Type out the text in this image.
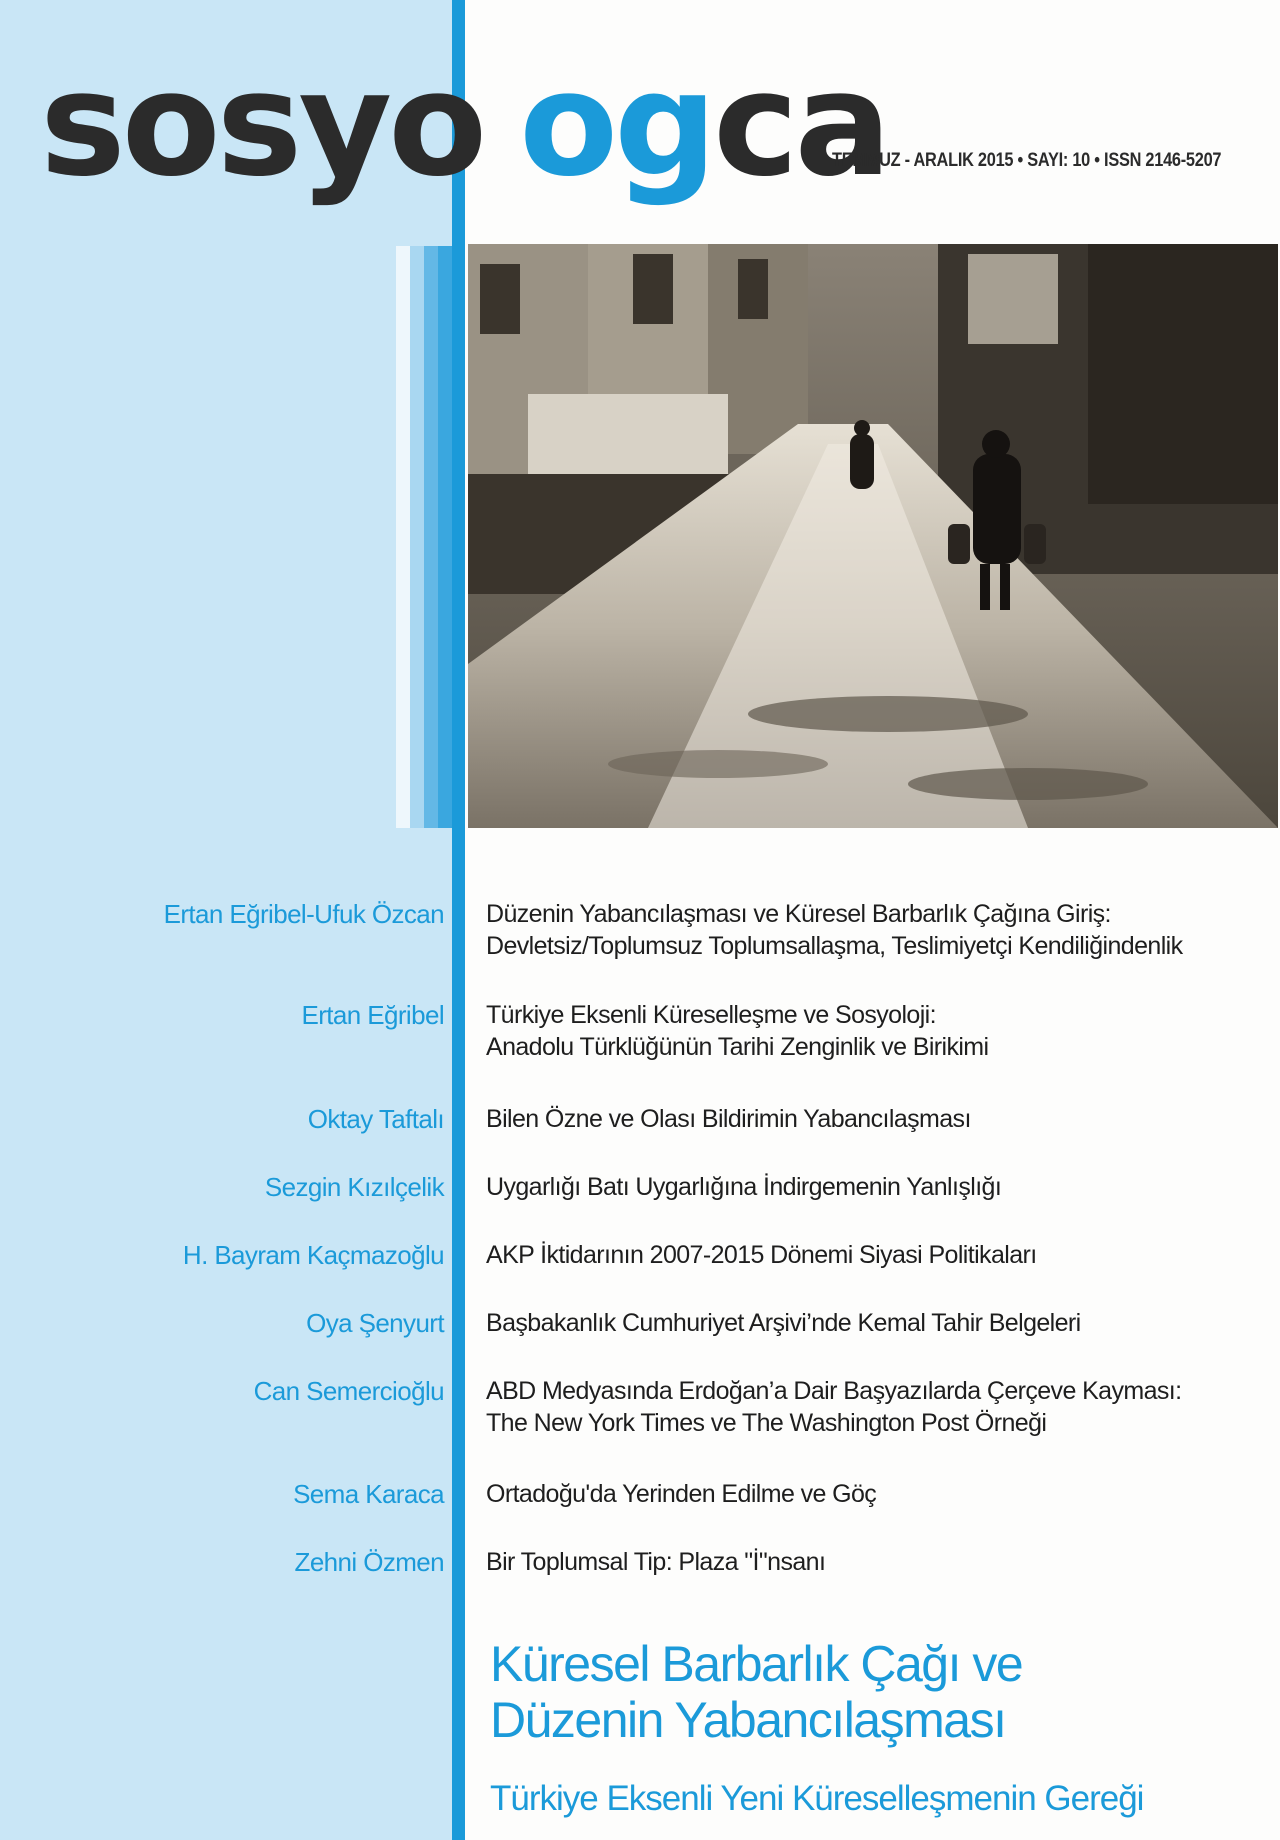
sosyo ogca
TEMMUZ - ARALIK 2015 • SAYI: 10 • ISSN 2146-5207
Ertan Eğribel-Ufuk Özcan Düzenin Yabancılaşması ve Küresel Barbarlık Çağına Giriş:
Devletsiz/Toplumsuz Toplumsallaşma, Teslimiyetçi Kendiliğindenlik
Ertan Eğribel Türkiye Eksenli Küreselleşme ve Sosyoloji:
Anadolu Türklüğünün Tarihi Zenginlik ve Birikimi
Oktay Taftalı Bilen Özne ve Olası Bildirimin Yabancılaşması
Sezgin Kızılçelik Uygarlığı Batı Uygarlığına İndirgemenin Yanlışlığı
H. Bayram Kaçmazoğlu AKP İktidarının 2007-2015 Dönemi Siyasi Politikaları
Oya Şenyurt Başbakanlık Cumhuriyet Arşivi’nde Kemal Tahir Belgeleri
Can Semercioğlu ABD Medyasında Erdoğan’a Dair Başyazılarda Çerçeve Kayması:
The New York Times ve The Washington Post Örneği
Sema Karaca Ortadoğu'da Yerinden Edilme ve Göç
Zehni Özmen Bir Toplumsal Tip: Plaza "İ"nsanı
Küresel Barbarlık Çağı ve
Düzenin Yabancılaşması
Türkiye Eksenli Yeni Küreselleşmenin Gereği
